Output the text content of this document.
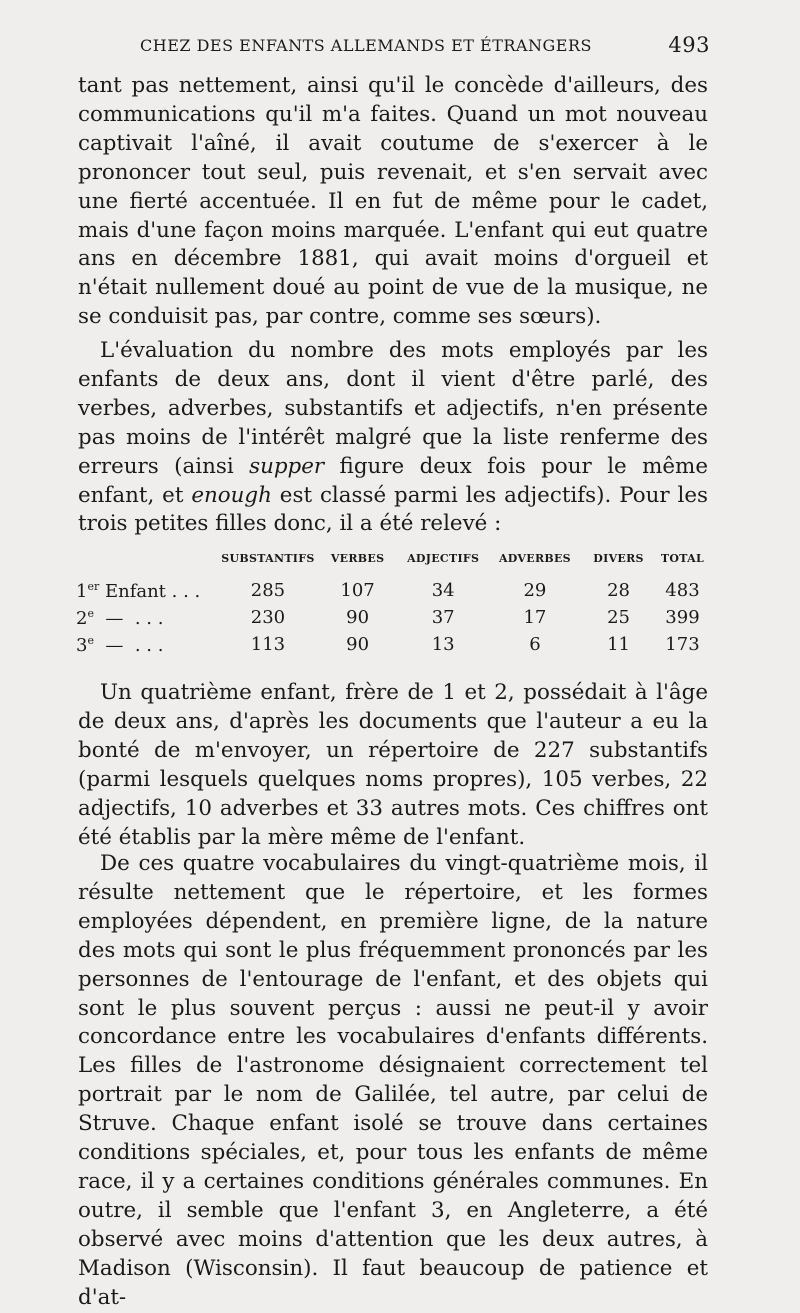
CHEZ DES ENFANTS ALLEMANDS ET ÉTRANGERS	493
tant pas nettement, ainsi qu'il le concède d'ailleurs, des communications qu'il m'a faites. Quand un mot nouveau captivait l'aîné, il avait coutume de s'exercer à le prononcer tout seul, puis revenait, et s'en servait avec une fierté accentuée. Il en fut de même pour le cadet, mais d'une façon moins marquée. L'enfant qui eut quatre ans en décembre 1881, qui avait moins d'orgueil et n'était nullement doué au point de vue de la musique, ne se conduisit pas, par contre, comme ses sœurs).
L'évaluation du nombre des mots employés par les enfants de deux ans, dont il vient d'être parlé, des verbes, adverbes, substantifs et adjectifs, n'en présente pas moins de l'intérêt malgré que la liste renferme des erreurs (ainsi supper figure deux fois pour le même enfant, et enough est classé parmi les adjectifs). Pour les trois petites filles donc, il a été relevé :
	SUBSTANTIFS	VERBES	ADJECTIFS	ADVERBES	DIVERS	TOTAL
1er Enfant . . .	285	107	34	29	28	483
2e  —  . . .	230	90	37	17	25	399
3e  —  . . .	113	90	13	6	11	173
Un quatrième enfant, frère de 1 et 2, possédait à l'âge de deux ans, d'après les documents que l'auteur a eu la bonté de m'envoyer, un répertoire de 227 substantifs (parmi lesquels quelques noms propres), 105 verbes, 22 adjectifs, 10 adverbes et 33 autres mots. Ces chiffres ont été établis par la mère même de l'enfant.
De ces quatre vocabulaires du vingt-quatrième mois, il résulte nettement que le répertoire, et les formes employées dépendent, en première ligne, de la nature des mots qui sont le plus fréquemment prononcés par les personnes de l'entourage de l'enfant, et des objets qui sont le plus souvent perçus : aussi ne peut-il y avoir concordance entre les vocabulaires d'enfants différents. Les filles de l'astronome désignaient correctement tel portrait par le nom de Galilée, tel autre, par celui de Struve. Chaque enfant isolé se trouve dans certaines conditions spéciales, et, pour tous les enfants de même race, il y a certaines conditions générales communes. En outre, il semble que l'enfant 3, en Angleterre, a été observé avec moins d'attention que les deux autres, à Madison (Wisconsin). Il faut beaucoup de patience et d'at-
